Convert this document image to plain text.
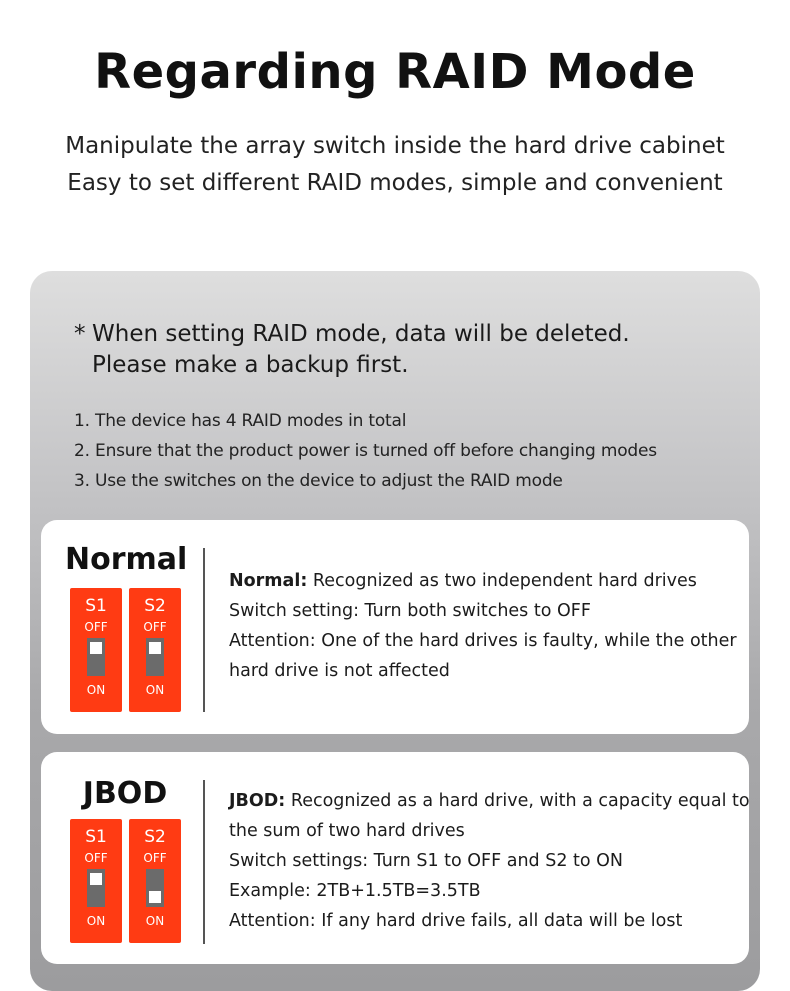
Regarding RAID Mode
Manipulate the array switch inside the hard drive cabinet
Easy to set different RAID modes, simple and convenient
* When setting RAID mode, data will be deleted.
Please make a backup first.
1. The device has 4 RAID modes in total
2. Ensure that the product power is turned off before changing modes
3. Use the switches on the device to adjust the RAID mode
Normal
S1
OFF
ON
S2
OFF
ON
Normal: Recognized as two independent hard drives
Switch setting: Turn both switches to OFF
Attention: One of the hard drives is faulty, while the other
hard drive is not affected
JBOD
S1
OFF
ON
S2
OFF
ON
JBOD: Recognized as a hard drive, with a capacity equal to
the sum of two hard drives
Switch settings: Turn S1 to OFF and S2 to ON
Example: 2TB+1.5TB=3.5TB
Attention: If any hard drive fails, all data will be lost
